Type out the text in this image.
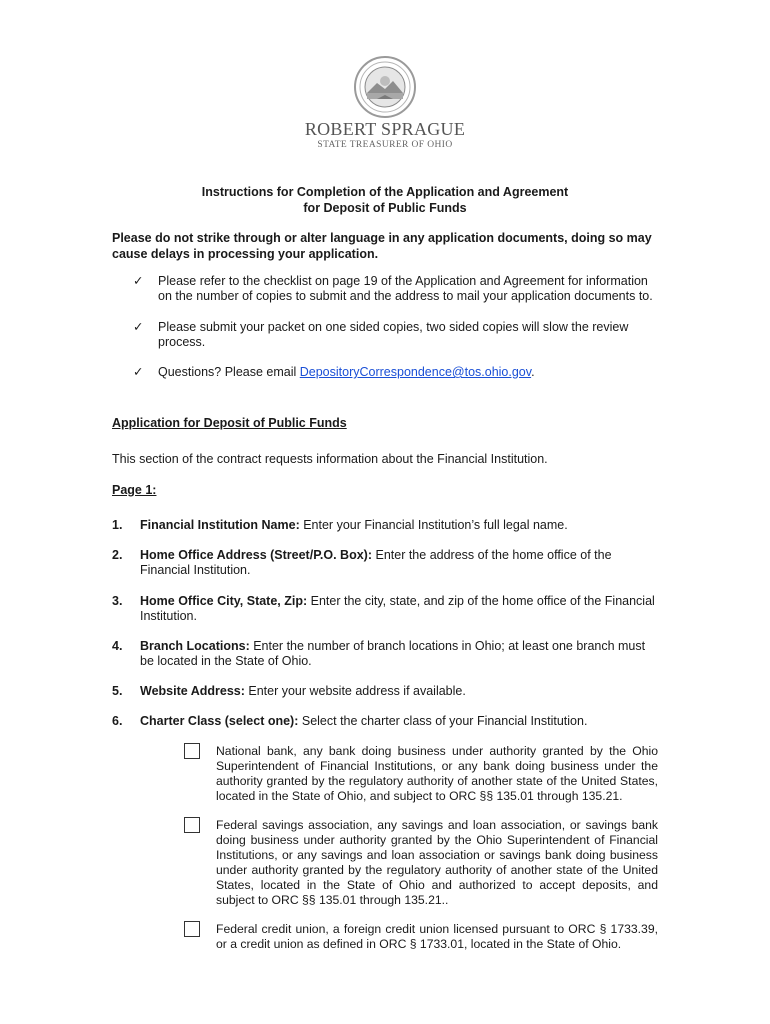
ROBERT SPRAGUE
STATE TREASURER OF OHIO
Instructions for Completion of the Application and Agreement
for Deposit of Public Funds
Please do not strike through or alter language in any application documents, doing so may cause delays in processing your application.
✓ Please refer to the checklist on page 19 of the Application and Agreement for information on the number of copies to submit and the address to mail your application documents to.
✓ Please submit your packet on one sided copies, two sided copies will slow the review process.
✓ Questions? Please email DepositoryCorrespondence@tos.ohio.gov.
Application for Deposit of Public Funds
This section of the contract requests information about the Financial Institution.
Page 1:
1. Financial Institution Name: Enter your Financial Institution’s full legal name.
2. Home Office Address (Street/P.O. Box): Enter the address of the home office of the Financial Institution.
3. Home Office City, State, Zip: Enter the city, state, and zip of the home office of the Financial Institution.
4. Branch Locations: Enter the number of branch locations in Ohio; at least one branch must be located in the State of Ohio.
5. Website Address: Enter your website address if available.
6. Charter Class (select one): Select the charter class of your Financial Institution.
National bank, any bank doing business under authority granted by the Ohio Superintendent of Financial Institutions, or any bank doing business under the authority granted by the regulatory authority of another state of the United States, located in the State of Ohio, and subject to ORC §§ 135.01 through 135.21.
Federal savings association, any savings and loan association, or savings bank doing business under authority granted by the Ohio Superintendent of Financial Institutions, or any savings and loan association or savings bank doing business under authority granted by the regulatory authority of another state of the United States, located in the State of Ohio and authorized to accept deposits, and subject to ORC §§ 135.01 through 135.21..
Federal credit union, a foreign credit union licensed pursuant to ORC § 1733.39, or a credit union as defined in ORC § 1733.01, located in the State of Ohio.
